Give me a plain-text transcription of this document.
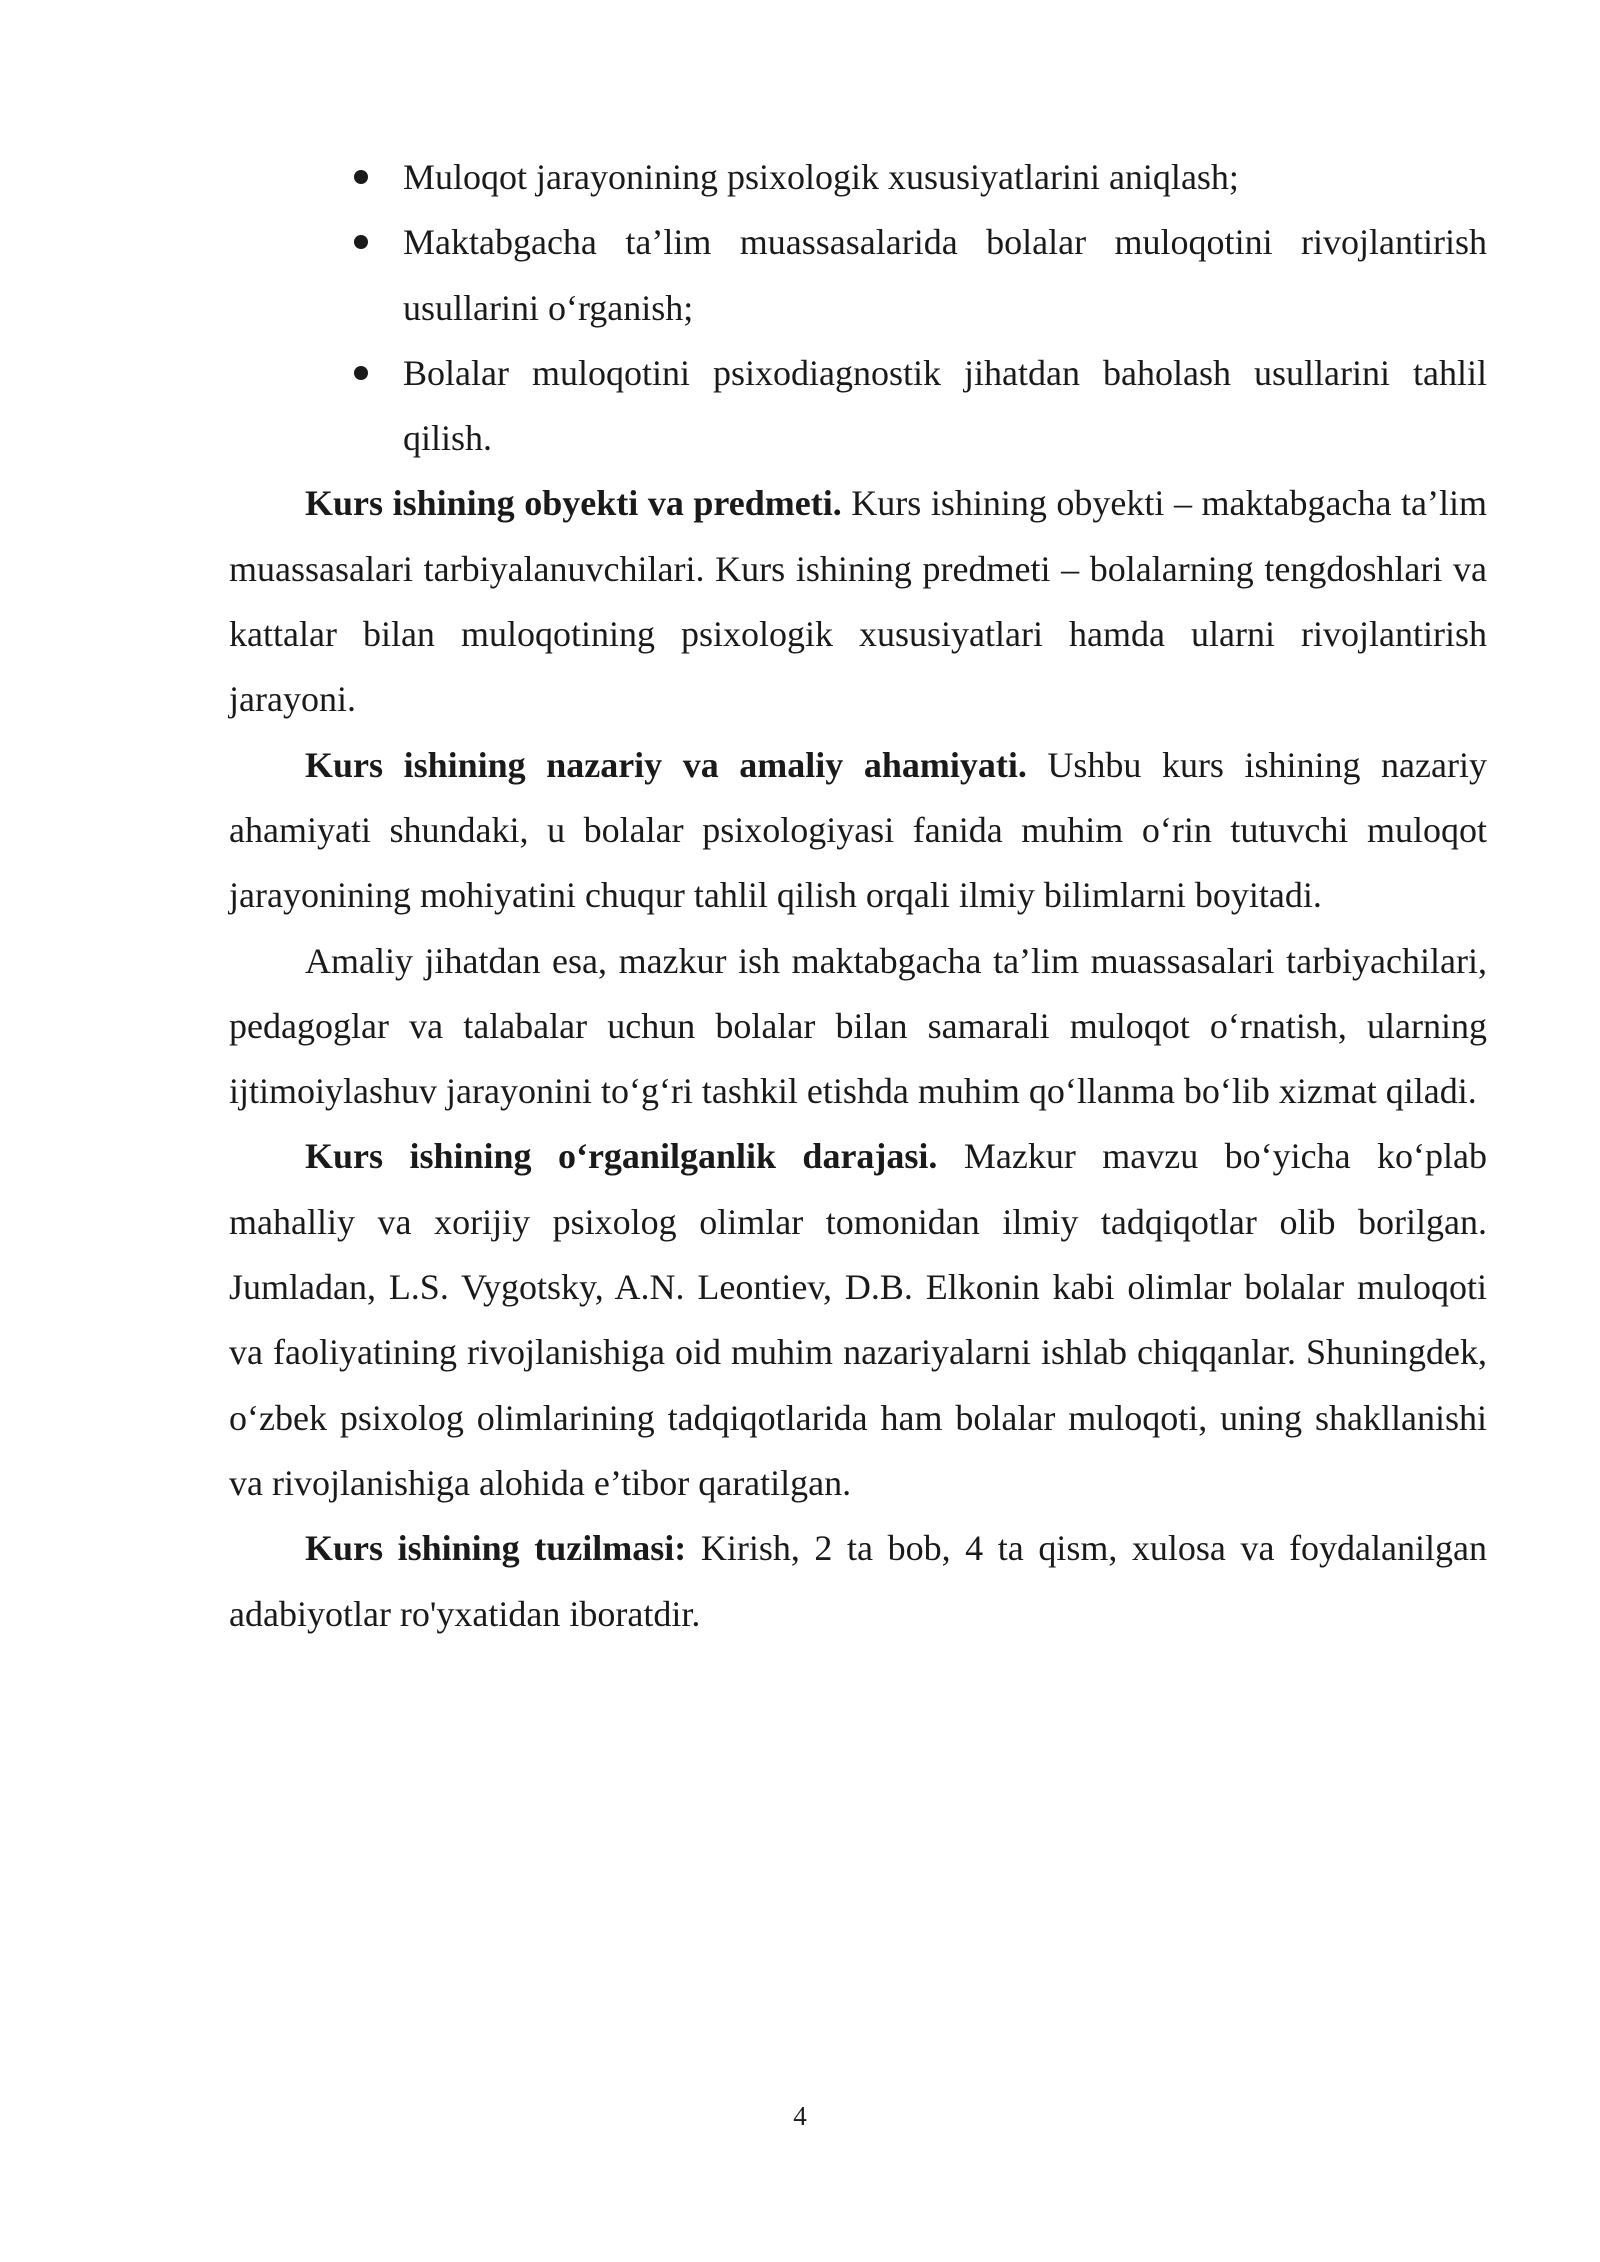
Muloqot jarayonining psixologik xususiyatlarini aniqlash;
Maktabgacha ta’lim muassasalarida bolalar muloqotini rivojlantirish usullarini o‘rganish;
Bolalar muloqotini psixodiagnostik jihatdan baholash usullarini tahlil qilish.

Kurs ishining obyekti va predmeti. Kurs ishining obyekti – maktabgacha ta’lim muassasalari tarbiyalanuvchilari. Kurs ishining predmeti – bolalarning tengdoshlari va kattalar bilan muloqotining psixologik xususiyatlari hamda ularni rivojlantirish jarayoni.

Kurs ishining nazariy va amaliy ahamiyati. Ushbu kurs ishining nazariy ahamiyati shundaki, u bolalar psixologiyasi fanida muhim o‘rin tutuvchi muloqot jarayonining mohiyatini chuqur tahlil qilish orqali ilmiy bilimlarni boyitadi.

Amaliy jihatdan esa, mazkur ish maktabgacha ta’lim muassasalari tarbiyachilari, pedagoglar va talabalar uchun bolalar bilan samarali muloqot o‘rnatish, ularning ijtimoiylashuv jarayonini to‘g‘ri tashkil etishda muhim qo‘llanma bo‘lib xizmat qiladi.

Kurs ishining o‘rganilganlik darajasi. Mazkur mavzu bo‘yicha ko‘plab mahalliy va xorijiy psixolog olimlar tomonidan ilmiy tadqiqotlar olib borilgan. Jumladan, L.S. Vygotsky, A.N. Leontiev, D.B. Elkonin kabi olimlar bolalar muloqoti va faoliyatining rivojlanishiga oid muhim nazariyalarni ishlab chiqqanlar. Shuningdek, o‘zbek psixolog olimlarining tadqiqotlarida ham bolalar muloqoti, uning shakllanishi va rivojlanishiga alohida e’tibor qaratilgan.

Kurs ishining tuzilmasi: Kirish, 2 ta bob, 4 ta qism, xulosa va foydalanilgan adabiyotlar ro'yxatidan iboratdir.

4
